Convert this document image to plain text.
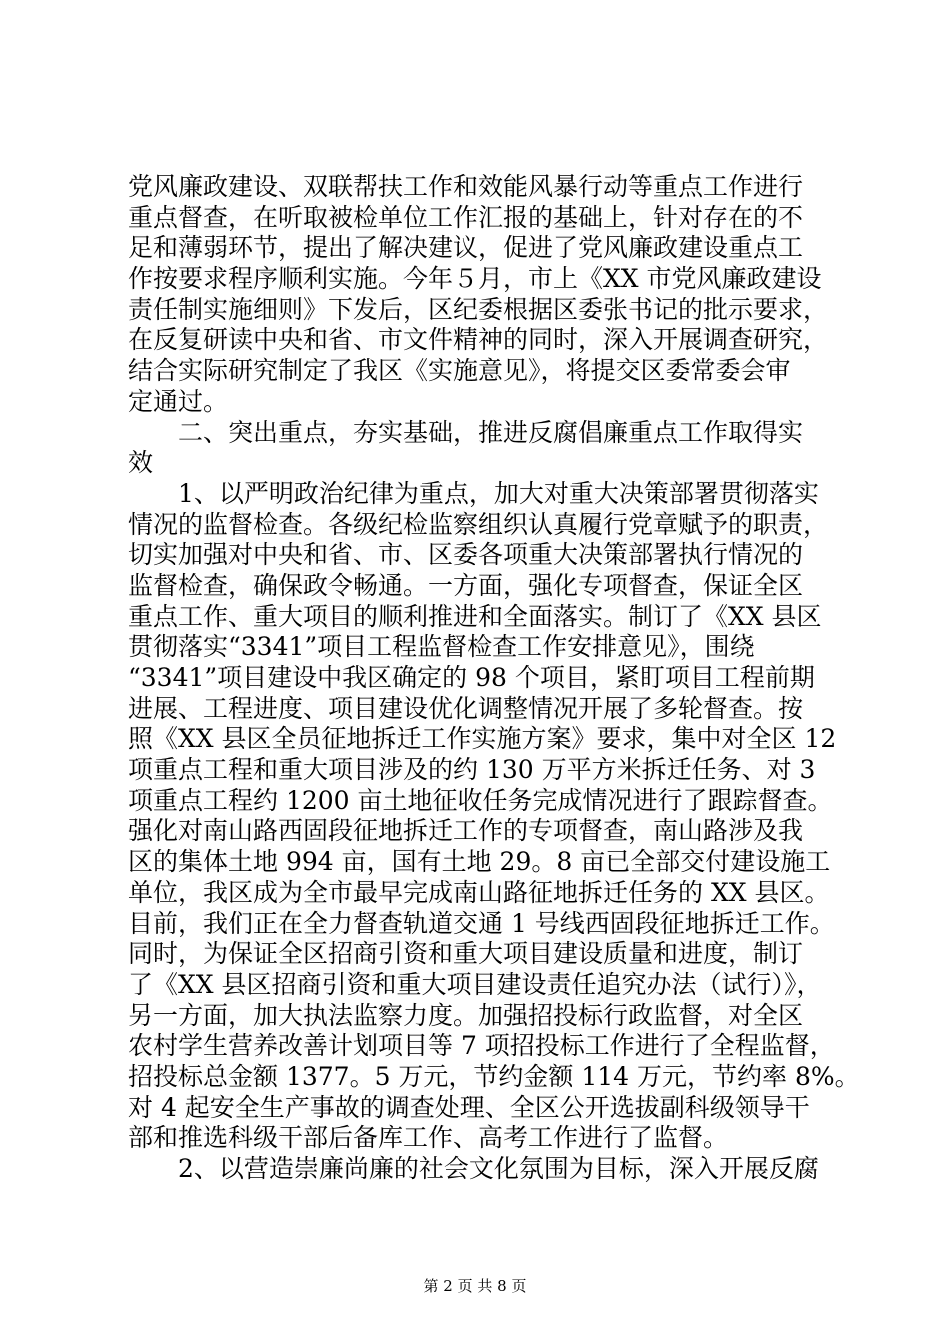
党风廉政建设、双联帮扶工作和效能风暴行动等重点工作进行
重点督查，在听取被检单位工作汇报的基础上，针对存在的不
足和薄弱环节，提出了解决建议，促进了党风廉政建设重点工
作按要求程序顺利实施。今年５月，市上《XX 市党风廉政建设
责任制实施细则》下发后，区纪委根据区委张书记的批示要求，
在反复研读中央和省、市文件精神的同时，深入开展调查研究，
结合实际研究制定了我区《实施意见》，将提交区委常委会审
定通过。
　　二、突出重点，夯实基础，推进反腐倡廉重点工作取得实
效
　　1、以严明政治纪律为重点，加大对重大决策部署贯彻落实
情况的监督检查。各级纪检监察组织认真履行党章赋予的职责，
切实加强对中央和省、市、区委各项重大决策部署执行情况的
监督检查，确保政令畅通。一方面，强化专项督查，保证全区
重点工作、重大项目的顺利推进和全面落实。制订了《XX 县区
贯彻落实“3341”项目工程监督检查工作安排意见》，围绕
“3341”项目建设中我区确定的 98 个项目，紧盯项目工程前期
进展、工程进度、项目建设优化调整情况开展了多轮督查。按
照《XX 县区全员征地拆迁工作实施方案》要求，集中对全区 12
项重点工程和重大项目涉及的约 130 万平方米拆迁任务、对 3
项重点工程约 1200 亩土地征收任务完成情况进行了跟踪督查。
强化对南山路西固段征地拆迁工作的专项督查，南山路涉及我
区的集体土地 994 亩，国有土地 29。8 亩已全部交付建设施工
单位，我区成为全市最早完成南山路征地拆迁任务的 XX 县区。
目前，我们正在全力督查轨道交通 1 号线西固段征地拆迁工作。
同时，为保证全区招商引资和重大项目建设质量和进度，制订
了《XX 县区招商引资和重大项目建设责任追究办法（试行）》，
另一方面，加大执法监察力度。加强招投标行政监督，对全区
农村学生营养改善计划项目等 7 项招投标工作进行了全程监督，
招投标总金额 1377。5 万元，节约金额 114 万元，节约率 8%。
对 4 起安全生产事故的调查处理、全区公开选拔副科级领导干
部和推选科级干部后备库工作、高考工作进行了监督。
　　2、以营造崇廉尚廉的社会文化氛围为目标，深入开展反腐
第 2 页 共 8 页
